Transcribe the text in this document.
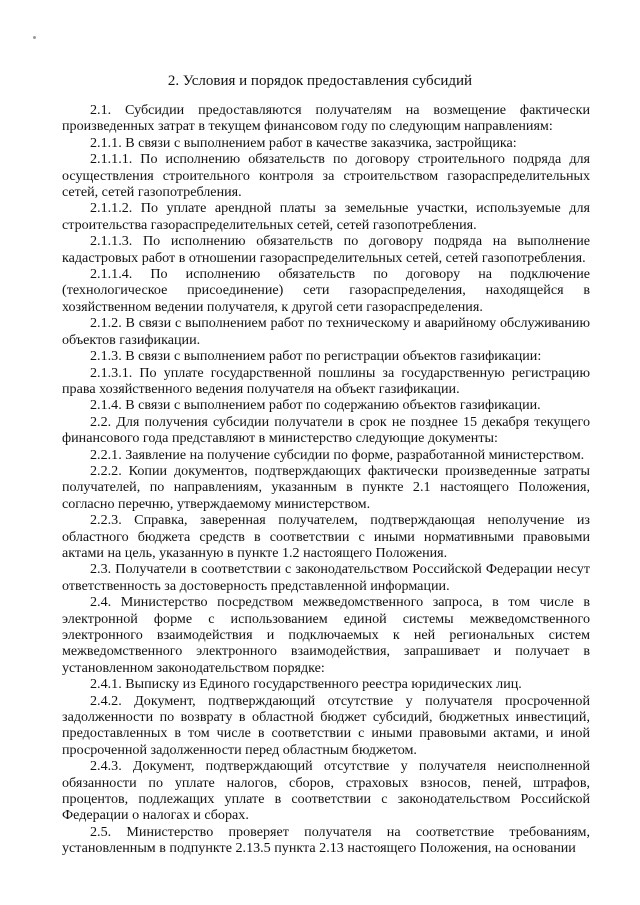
2. Условия и порядок предоставления субсидий

2.1. Субсидии предоставляются получателям на возмещение фактически произведенных затрат в текущем финансовом году по следующим направлениям:

2.1.1. В связи с выполнением работ в качестве заказчика, застройщика:

2.1.1.1. По исполнению обязательств по договору строительного подряда для осуществления строительного контроля за строительством газораспределительных сетей, сетей газопотребления.

2.1.1.2. По уплате арендной платы за земельные участки, используемые для строительства газораспределительных сетей, сетей газопотребления.

2.1.1.3. По исполнению обязательств по договору подряда на выполнение кадастровых работ в отношении газораспределительных сетей, сетей газопотребления.

2.1.1.4. По исполнению обязательств по договору на подключение (технологическое присоединение) сети газораспределения, находящейся в хозяйственном ведении получателя, к другой сети газораспределения.

2.1.2. В связи с выполнением работ по техническому и аварийному обслуживанию объектов газификации.

2.1.3. В связи с выполнением работ по регистрации объектов газификации:

2.1.3.1. По уплате государственной пошлины за государственную регистрацию права хозяйственного ведения получателя на объект газификации.

2.1.4. В связи с выполнением работ по содержанию объектов газификации.

2.2. Для получения субсидии получатели в срок не позднее 15 декабря текущего финансового года представляют в министерство следующие документы:

2.2.1. Заявление на получение субсидии по форме, разработанной министерством.

2.2.2. Копии документов, подтверждающих фактически произведенные затраты получателей, по направлениям, указанным в пункте 2.1 настоящего Положения, согласно перечню, утверждаемому министерством.

2.2.3. Справка, заверенная получателем, подтверждающая неполучение из областного бюджета средств в соответствии с иными нормативными правовыми актами на цель, указанную в пункте 1.2 настоящего Положения.

2.3. Получатели в соответствии с законодательством Российской Федерации несут ответственность за достоверность представленной информации.

2.4. Министерство посредством межведомственного запроса, в том числе в электронной форме с использованием единой системы межведомственного электронного взаимодействия и подключаемых к ней региональных систем межведомственного электронного взаимодействия, запрашивает и получает в установленном законодательством порядке:

2.4.1. Выписку из Единого государственного реестра юридических лиц.

2.4.2. Документ, подтверждающий отсутствие у получателя просроченной задолженности по возврату в областной бюджет субсидий, бюджетных инвестиций, предоставленных в том числе в соответствии с иными правовыми актами, и иной просроченной задолженности перед областным бюджетом.

2.4.3. Документ, подтверждающий отсутствие у получателя неисполненной обязанности по уплате налогов, сборов, страховых взносов, пеней, штрафов, процентов, подлежащих уплате в соответствии с законодательством Российской Федерации о налогах и сборах.

2.5. Министерство проверяет получателя на соответствие требованиям, установленным в подпункте 2.13.5 пункта 2.13 настоящего Положения, на основании
